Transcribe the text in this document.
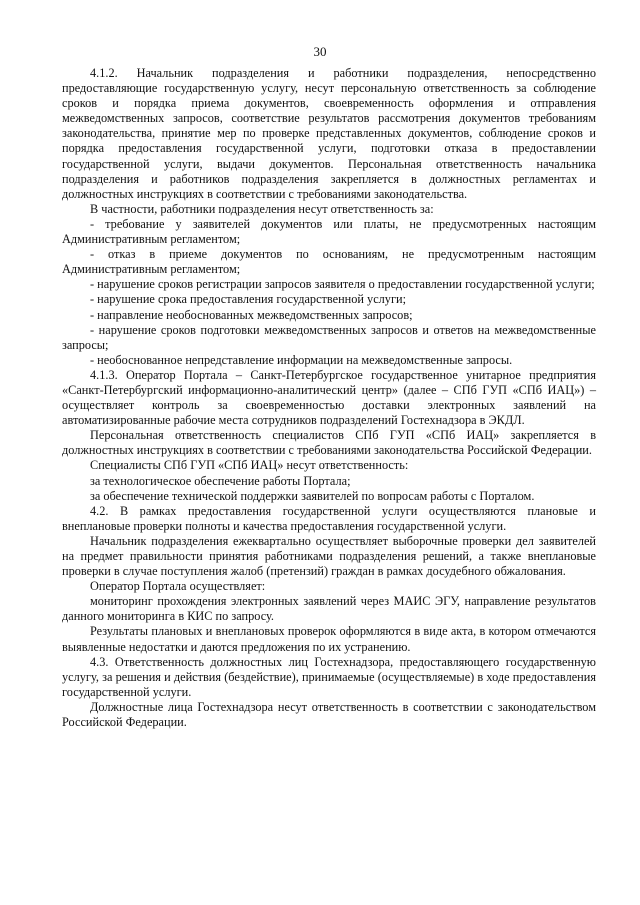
30

4.1.2. Начальник подразделения и работники подразделения, непосредственно предоставляющие государственную услугу, несут персональную ответственность за соблюдение сроков и порядка приема документов, своевременность оформления и отправления межведомственных запросов, соответствие результатов рассмотрения документов требованиям законодательства, принятие мер по проверке представленных документов, соблюдение сроков и порядка предоставления государственной услуги, подготовки отказа в предоставлении государственной услуги, выдачи документов. Персональная ответственность начальника подразделения и работников подразделения закрепляется в должностных регламентах и должностных инструкциях в соответствии с требованиями законодательства.

В частности, работники подразделения несут ответственность за:

- требование у заявителей документов или платы, не предусмотренных настоящим Административным регламентом;

- отказ в приеме документов по основаниям, не предусмотренным настоящим Административным регламентом;

- нарушение сроков регистрации запросов заявителя о предоставлении государственной услуги;

- нарушение срока предоставления государственной услуги;

- направление необоснованных межведомственных запросов;

- нарушение сроков подготовки межведомственных запросов и ответов на межведомственные запросы;

- необоснованное непредставление информации на межведомственные запросы.

4.1.3. Оператор Портала – Санкт-Петербургское государственное унитарное предприятия «Санкт-Петербургский информационно-аналитический центр» (далее – СПб ГУП «СПб ИАЦ») – осуществляет контроль за своевременностью доставки электронных заявлений на автоматизированные рабочие места сотрудников подразделений Гостехнадзора в ЭКДЛ.

Персональная ответственность специалистов СПб ГУП «СПб ИАЦ» закрепляется в должностных инструкциях в соответствии с требованиями законодательства Российской Федерации.

Специалисты СПб ГУП «СПб ИАЦ» несут ответственность:

за технологическое обеспечение работы Портала;

за обеспечение технической поддержки заявителей по вопросам работы с Порталом.

4.2. В рамках предоставления государственной услуги осуществляются плановые и внеплановые проверки полноты и качества предоставления государственной услуги.

Начальник подразделения ежеквартально осуществляет выборочные проверки дел заявителей на предмет правильности принятия работниками подразделения решений, а также внеплановые проверки в случае поступления жалоб (претензий) граждан в рамках досудебного обжалования.

Оператор Портала осуществляет:

мониторинг прохождения электронных заявлений через МАИС ЭГУ, направление результатов данного мониторинга в КИС по запросу.

Результаты плановых и внеплановых проверок оформляются в виде акта, в котором отмечаются выявленные недостатки и даются предложения по их устранению.

4.3. Ответственность должностных лиц Гостехнадзора, предоставляющего государственную услугу, за решения и действия (бездействие), принимаемые (осуществляемые) в ходе предоставления государственной услуги.

Должностные лица Гостехнадзора несут ответственность в соответствии с законодательством Российской Федерации.
